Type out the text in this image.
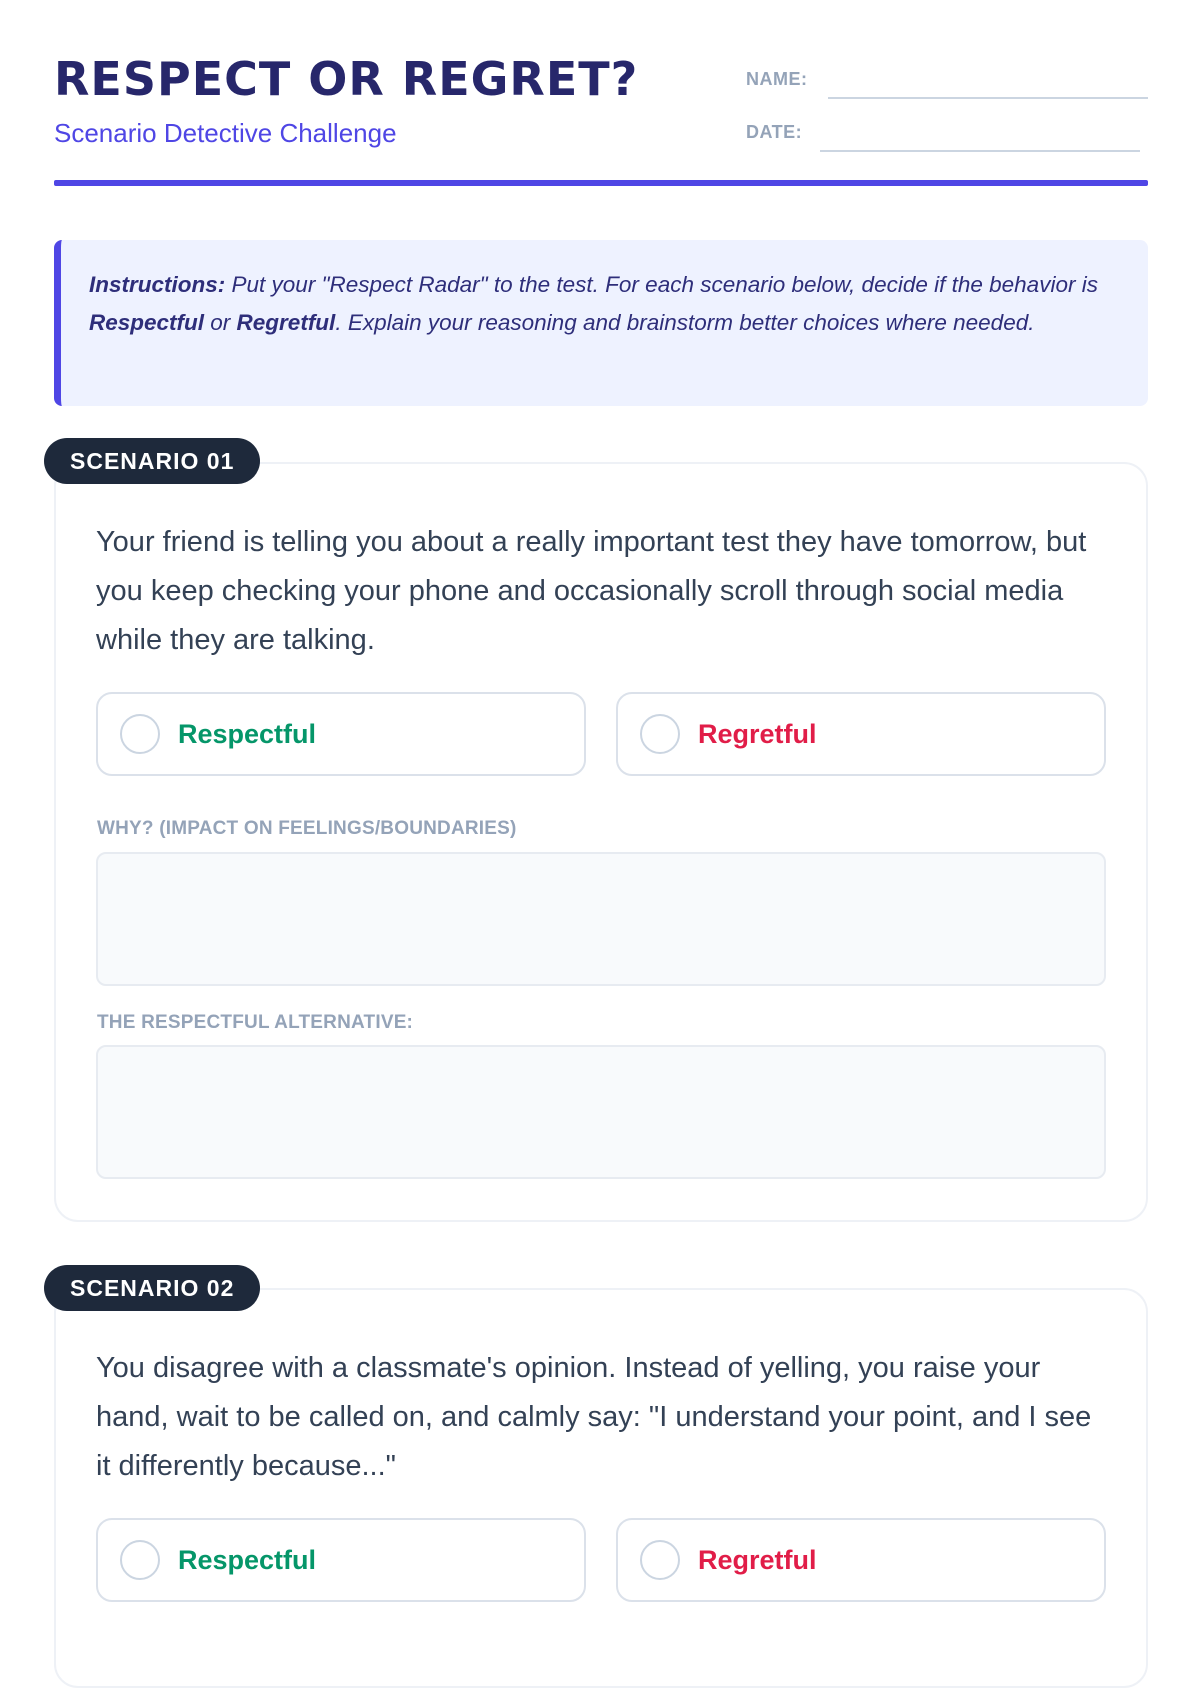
RESPECT OR REGRET?
Scenario Detective Challenge
NAME:
DATE:
Instructions: Put your "Respect Radar" to the test. For each scenario below, decide if the behavior is Respectful or Regretful. Explain your reasoning and brainstorm better choices where needed.
SCENARIO 01

Your friend is telling you about a really important test they have tomorrow, but you keep checking your phone and occasionally scroll through social media while they are talking.

Respectful	Regretful
WHY? (IMPACT ON FEELINGS/BOUNDARIES)
THE RESPECTFUL ALTERNATIVE:
SCENARIO 02

You disagree with a classmate's opinion. Instead of yelling, you raise your hand, wait to be called on, and calmly say: "I understand your point, and I see it differently because..."

Respectful	Regretful
